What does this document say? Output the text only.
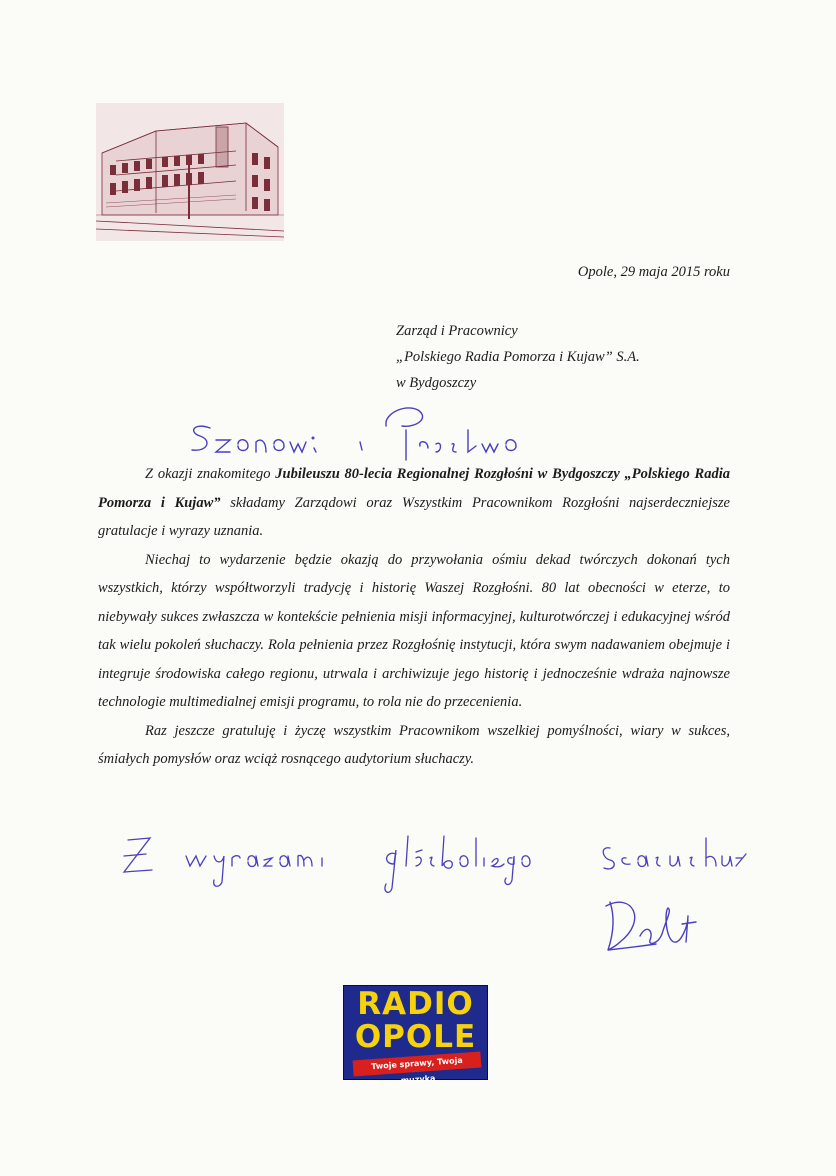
Opole, 29 maja 2015 roku
Zarząd i Pracownicy
„Polskiego Radia Pomorza i Kujaw” S.A.
w Bydgoszczy
Szanowni Państwo

Z okazji znakomitego Jubileuszu 80-lecia Regionalnej Rozgłośni w Bydgoszczy „Polskiego Radia Pomorza i Kujaw” składamy Zarządowi oraz Wszystkim Pracownikom Rozgłośni najserdeczniejsze gratulacje i wyrazy uznania.

Niechaj to wydarzenie będzie okazją do przywołania ośmiu dekad twórczych dokonań tych wszystkich, którzy współtworzyli tradycję i historię Waszej Rozgłośni. 80 lat obecności w eterze, to niebywały sukces zwłaszcza w kontekście pełnienia misji informacyjnej, kulturotwórczej i edukacyjnej wśród tak wielu pokoleń słuchaczy. Rola pełnienia przez Rozgłośnię instytucji, która swym nadawaniem obejmuje i integruje środowiska całego regionu, utrwala i archiwizuje jego historię i jednocześnie wdraża najnowsze technologie multimedialnej emisji programu, to rola nie do przecenienia.

Raz jeszcze gratuluję i życzę wszystkim Pracownikom wszelkiej pomyślności, wiary w sukces, śmiałych pomysłów oraz wciąż rosnącego audytorium słuchaczy.

Z wyrazami głębokiego szacunku
RADIO
OPOLE
Twoje sprawy, Twoja muzyka
